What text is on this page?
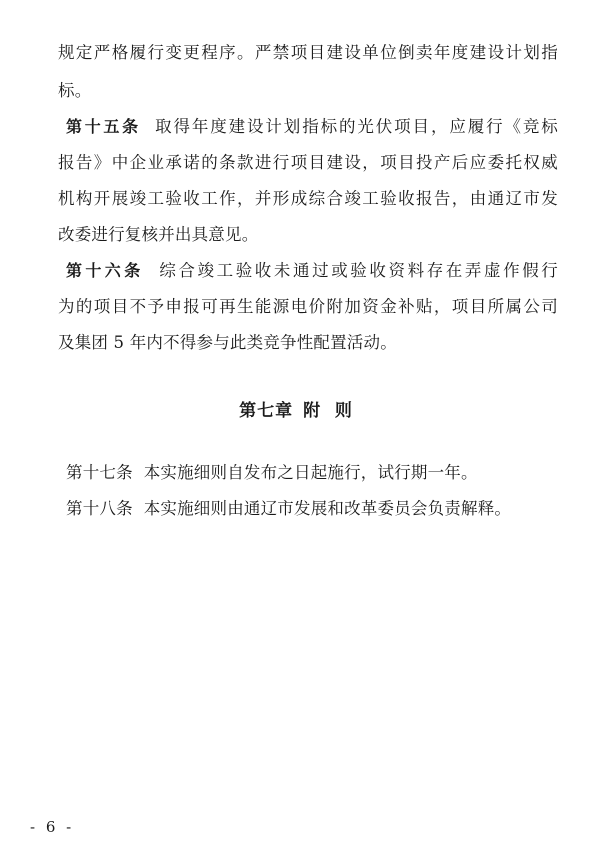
规定严格履行变更程序。严禁项目建设单位倒卖年度建设计划指
标。
第十五条 取得年度建设计划指标的光伏项目，应履行《竞标
报告》中企业承诺的条款进行项目建设，项目投产后应委托权威
机构开展竣工验收工作，并形成综合竣工验收报告，由通辽市发
改委进行复核并出具意见。
第十六条 综合竣工验收未通过或验收资料存在弄虚作假行
为的项目不予申报可再生能源电价附加资金补贴，项目所属公司
及集团 5 年内不得参与此类竞争性配置活动。
第七章 附  则
第十七条  本实施细则自发布之日起施行，试行期一年。
第十八条  本实施细则由通辽市发展和改革委员会负责解释。
- 6 -
